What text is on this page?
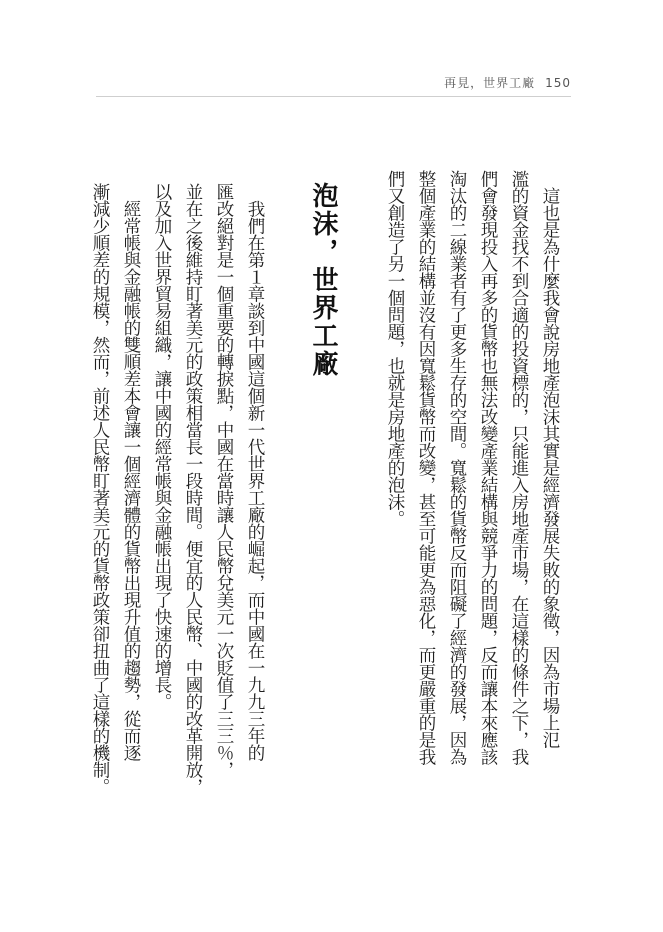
再見，世界工廠 150
　這也是為什麼我會說房地產泡沫其實是經濟發展失敗的象徵，因為市場上氾
濫的資金找不到合適的投資標的，只能進入房地產市場，在這樣的條件之下，我
們會發現投入再多的貨幣也無法改變產業結構與競爭力的問題，反而讓本來應該
淘汰的二線業者有了更多生存的空間。寬鬆的貨幣反而阻礙了經濟的發展，因為
整個產業的結構並沒有因寬鬆貨幣而改變，甚至可能更為惡化，而更嚴重的是我
們又創造了另一個問題，也就是房地產的泡沫。
泡沫，世界工廠
　我們在第１章談到中國這個新一代世界工廠的崛起，而中國在一九九三年的
匯改絕對是一個重要的轉捩點，中國在當時讓人民幣兌美元一次貶值了三三％，
並在之後維持盯著美元的政策相當長一段時間。便宜的人民幣、中國的改革開放，
以及加入世界貿易組織，讓中國的經常帳與金融帳出現了快速的增長。
　經常帳與金融帳的雙順差本會讓一個經濟體的貨幣出現升值的趨勢，從而逐
漸減少順差的規模，然而，前述人民幣盯著美元的貨幣政策卻扭曲了這樣的機制。
